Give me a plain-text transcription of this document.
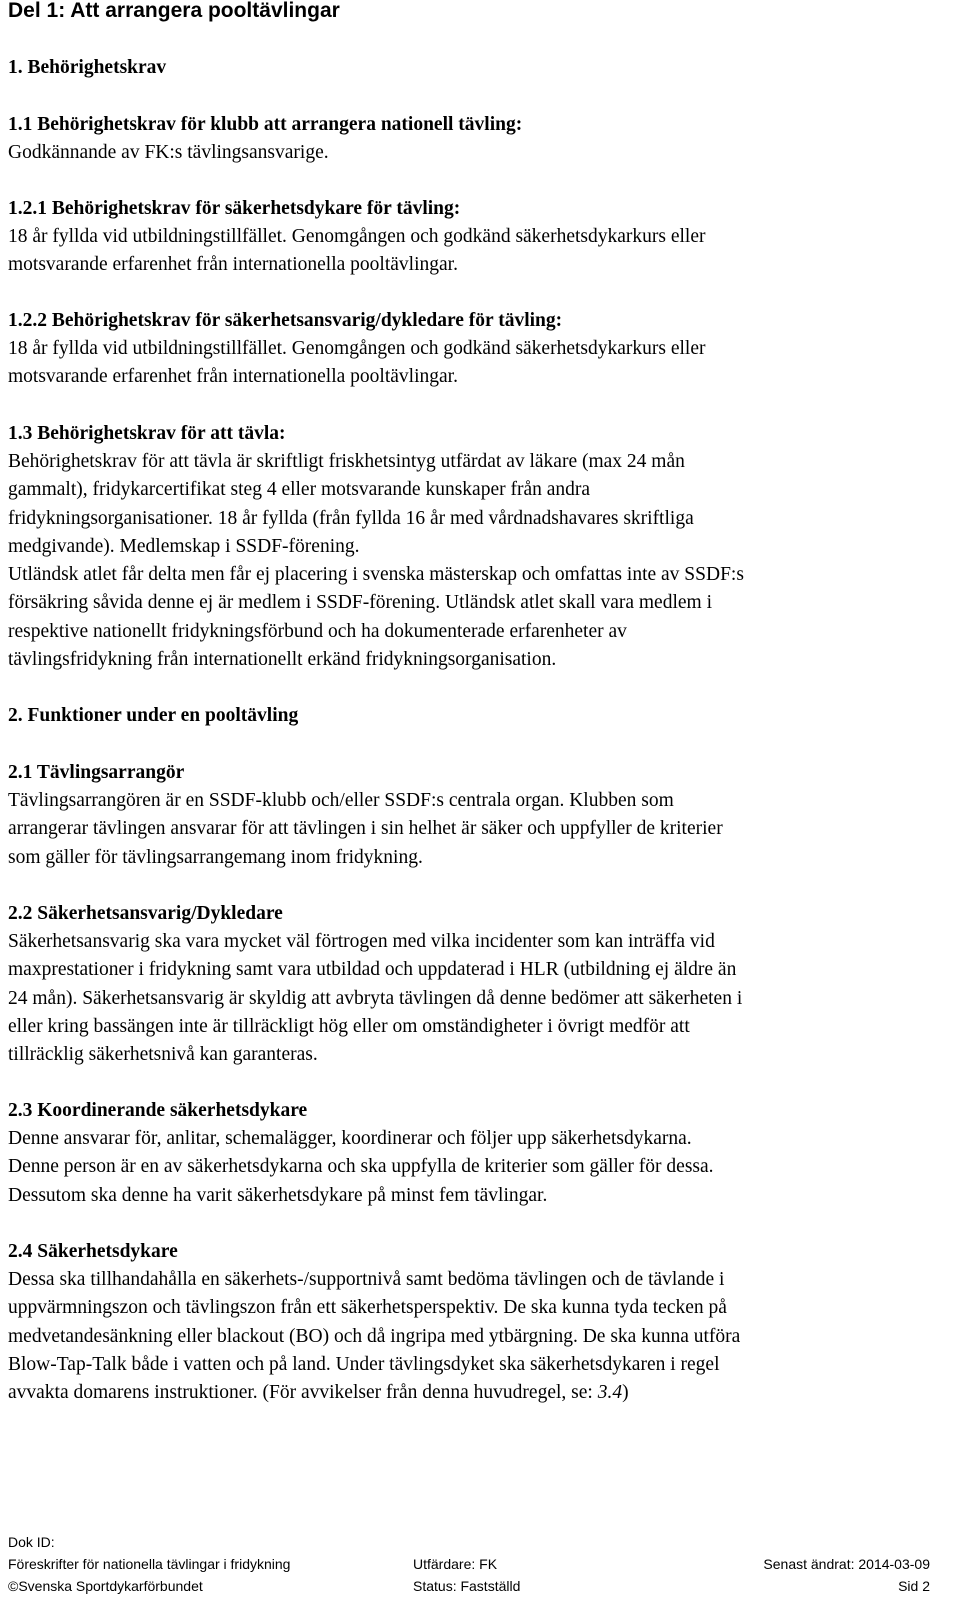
Del 1: Att arrangera pooltävlingar
1. Behörighetskrav
1.1 Behörighetskrav för klubb att arrangera nationell tävling:
Godkännande av FK:s tävlingsansvarige.
1.2.1 Behörighetskrav för säkerhetsdykare för tävling:
18 år fyllda vid utbildningstillfället. Genomgången och godkänd säkerhetsdykarkurs eller
motsvarande erfarenhet från internationella pooltävlingar.
1.2.2 Behörighetskrav för säkerhetsansvarig/dykledare för tävling:
18 år fyllda vid utbildningstillfället. Genomgången och godkänd säkerhetsdykarkurs eller
motsvarande erfarenhet från internationella pooltävlingar.
1.3 Behörighetskrav för att tävla:
Behörighetskrav för att tävla är skriftligt friskhetsintyg utfärdat av läkare (max 24 mån
gammalt), fridykarcertifikat steg 4 eller motsvarande kunskaper från andra
fridykningsorganisationer. 18 år fyllda (från fyllda 16 år med vårdnadshavares skriftliga
medgivande). Medlemskap i SSDF-förening.
Utländsk atlet får delta men får ej placering i svenska mästerskap och omfattas inte av SSDF:s
försäkring såvida denne ej är medlem i SSDF-förening. Utländsk atlet skall vara medlem i
respektive nationellt fridykningsförbund och ha dokumenterade erfarenheter av
tävlingsfridykning från internationellt erkänd fridykningsorganisation.
2. Funktioner under en pooltävling
2.1 Tävlingsarrangör
Tävlingsarrangören är en SSDF-klubb och/eller SSDF:s centrala organ. Klubben som
arrangerar tävlingen ansvarar för att tävlingen i sin helhet är säker och uppfyller de kriterier
som gäller för tävlingsarrangemang inom fridykning.
2.2 Säkerhetsansvarig/Dykledare
Säkerhetsansvarig ska vara mycket väl förtrogen med vilka incidenter som kan inträffa vid
maxprestationer i fridykning samt vara utbildad och uppdaterad i HLR (utbildning ej äldre än
24 mån). Säkerhetsansvarig är skyldig att avbryta tävlingen då denne bedömer att säkerheten i
eller kring bassängen inte är tillräckligt hög eller om omständigheter i övrigt medför att
tillräcklig säkerhetsnivå kan garanteras.
2.3 Koordinerande säkerhetsdykare
Denne ansvarar för, anlitar, schemalägger, koordinerar och följer upp säkerhetsdykarna.
Denne person är en av säkerhetsdykarna och ska uppfylla de kriterier som gäller för dessa.
Dessutom ska denne ha varit säkerhetsdykare på minst fem tävlingar.
2.4 Säkerhetsdykare
Dessa ska tillhandahålla en säkerhets-/supportnivå samt bedöma tävlingen och de tävlande i
uppvärmningszon och tävlingszon från ett säkerhetsperspektiv. De ska kunna tyda tecken på
medvetandesänkning eller blackout (BO) och då ingripa med ytbärgning. De ska kunna utföra
Blow-Tap-Talk både i vatten och på land. Under tävlingsdyket ska säkerhetsdykaren i regel
avvakta domarens instruktioner. (För avvikelser från denna huvudregel, se: 3.4)
Dok ID:
Föreskrifter för nationella tävlingar i fridykning	Utfärdare: FK	Senast ändrat: 2014-03-09
©Svenska Sportdykarförbundet	Status: Fastställd	Sid 2
